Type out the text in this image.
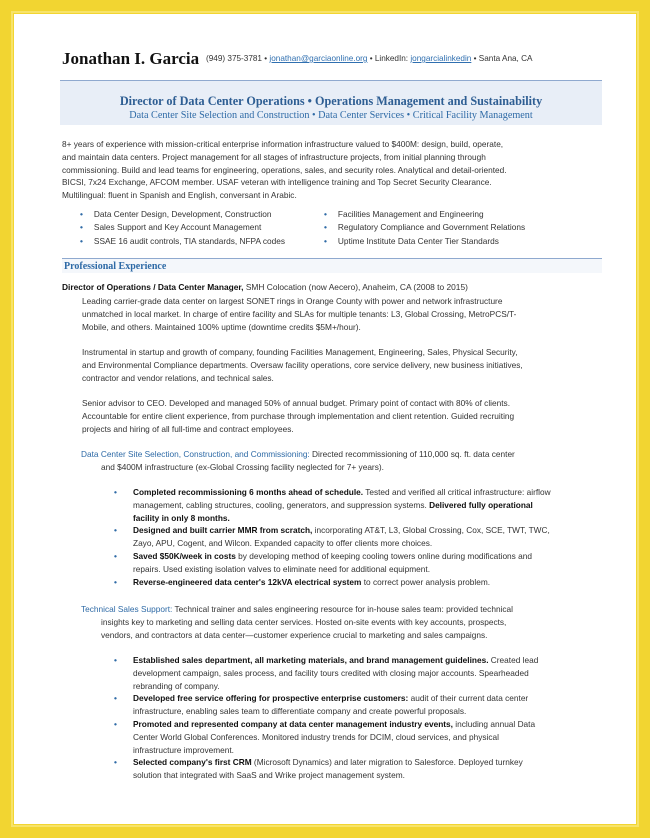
Jonathan I. Garcia (949) 375-3781 • jonathan@garciaonline.org • LinkedIn: jongarcialinkedin • Santa Ana, CA
Director of Data Center Operations • Operations Management and Sustainability
Data Center Site Selection and Construction • Data Center Services • Critical Facility Management
8+ years of experience with mission-critical enterprise information infrastructure valued to $400M: design, build, operate,
and maintain data centers. Project management for all stages of infrastructure projects, from initial planning through
commissioning. Build and lead teams for engineering, operations, sales, and security roles. Analytical and detail-oriented.
BICSI, 7x24 Exchange, AFCOM member. USAF veteran with intelligence training and Top Secret Security Clearance.
Multilingual: fluent in Spanish and English, conversant in Arabic.
• Data Center Design, Development, Construction
• Sales Support and Key Account Management
• SSAE 16 audit controls, TIA standards, NFPA codes
• Facilities Management and Engineering
• Regulatory Compliance and Government Relations
• Uptime Institute Data Center Tier Standards
Professional Experience
Director of Operations / Data Center Manager, SMH Colocation (now Aecero), Anaheim, CA (2008 to 2015)
Leading carrier-grade data center on largest SONET rings in Orange County with power and network infrastructure
unmatched in local market. In charge of entire facility and SLAs for multiple tenants: L3, Global Crossing, MetroPCS/T-
Mobile, and others. Maintained 100% uptime (downtime credits $5M+/hour).
Instrumental in startup and growth of company, founding Facilities Management, Engineering, Sales, Physical Security,
and Environmental Compliance departments. Oversaw facility operations, core service delivery, new business initiatives,
contractor and vendor relations, and technical sales.
Senior advisor to CEO. Developed and managed 50% of annual budget. Primary point of contact with 80% of clients.
Accountable for entire client experience, from purchase through implementation and client retention. Guided recruiting
projects and hiring of all full-time and contract employees.
Data Center Site Selection, Construction, and Commissioning: Directed recommissioning of 110,000 sq. ft. data center
and $400M infrastructure (ex-Global Crossing facility neglected for 7+ years).
• Completed recommissioning 6 months ahead of schedule. Tested and verified all critical infrastructure: airflow
management, cabling structures, cooling, generators, and suppression systems. Delivered fully operational
facility in only 8 months.
• Designed and built carrier MMR from scratch, incorporating AT&T, L3, Global Crossing, Cox, SCE, TWT, TWC,
Zayo, APU, Cogent, and Wilcon. Expanded capacity to offer clients more choices.
• Saved $50K/week in costs by developing method of keeping cooling towers online during modifications and
repairs. Used existing isolation valves to eliminate need for additional equipment.
• Reverse-engineered data center's 12kVA electrical system to correct power analysis problem.
Technical Sales Support: Technical trainer and sales engineering resource for in-house sales team: provided technical
insights key to marketing and selling data center services. Hosted on-site events with key accounts, prospects,
vendors, and contractors at data center—customer experience crucial to marketing and sales campaigns.
• Established sales department, all marketing materials, and brand management guidelines. Created lead
development campaign, sales process, and facility tours credited with closing major accounts. Spearheaded
rebranding of company.
• Developed free service offering for prospective enterprise customers: audit of their current data center
infrastructure, enabling sales team to differentiate company and create powerful proposals.
• Promoted and represented company at data center management industry events, including annual Data
Center World Global Conferences. Monitored industry trends for DCIM, cloud services, and physical
infrastructure improvement.
• Selected company's first CRM (Microsoft Dynamics) and later migration to Salesforce. Deployed turnkey
solution that integrated with SaaS and Wrike project management system.
